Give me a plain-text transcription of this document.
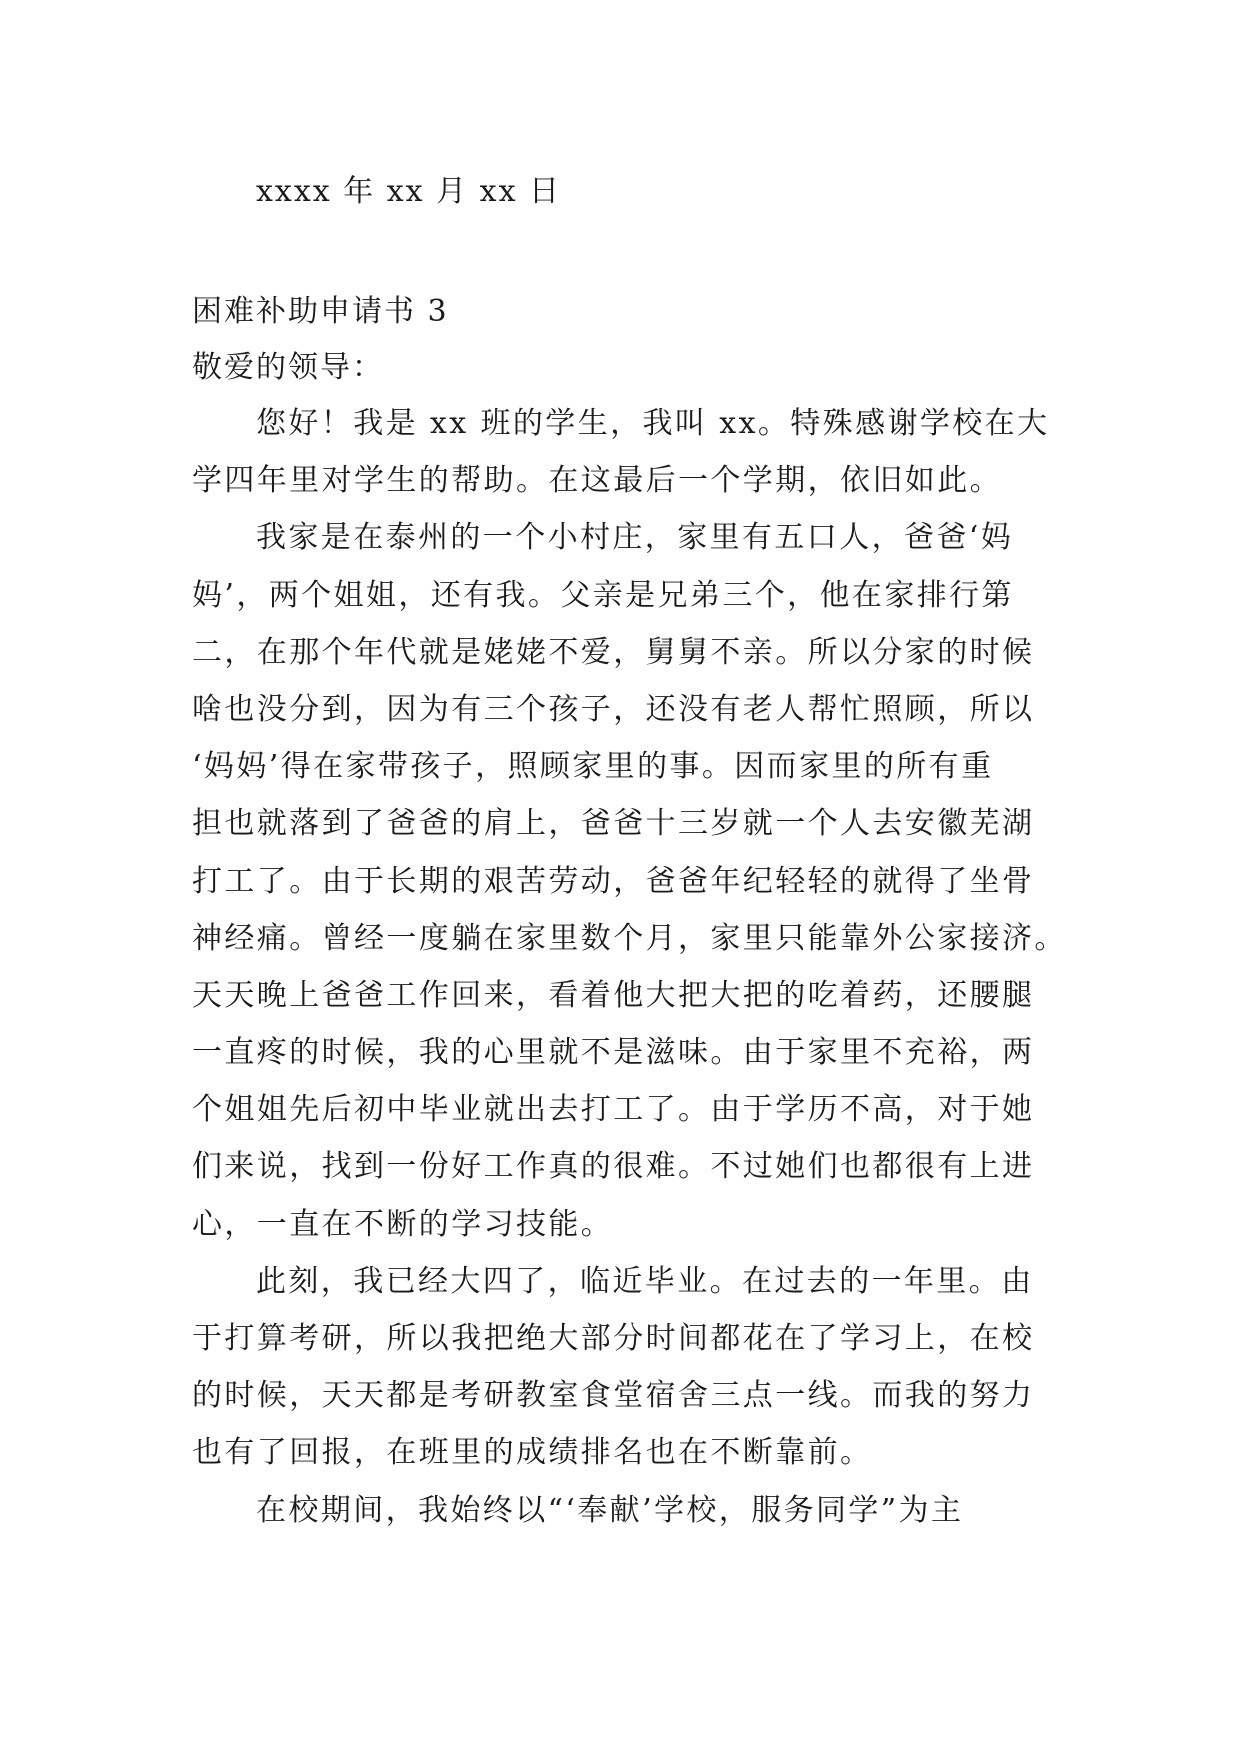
xxxx 年 xx 月 xx 日
困难补助申请书 3
敬爱的领导：
您好！我是 xx 班的学生，我叫 xx。特殊感谢学校在大
学四年里对学生的帮助。在这最后一个学期，依旧如此。
我家是在泰州的一个小村庄，家里有五口人，爸爸‘妈
妈’，两个姐姐，还有我。父亲是兄弟三个，他在家排行第
二，在那个年代就是姥姥不爱，舅舅不亲。所以分家的时候
啥也没分到，因为有三个孩子，还没有老人帮忙照顾，所以
‘妈妈’得在家带孩子，照顾家里的事。因而家里的所有重
担也就落到了爸爸的肩上，爸爸十三岁就一个人去安徽芜湖
打工了。由于长期的艰苦劳动，爸爸年纪轻轻的就得了坐骨
神经痛。曾经一度躺在家里数个月，家里只能靠外公家接济。
天天晚上爸爸工作回来，看着他大把大把的吃着药，还腰腿
一直疼的时候，我的心里就不是滋味。由于家里不充裕，两
个姐姐先后初中毕业就出去打工了。由于学历不高，对于她
们来说，找到一份好工作真的很难。不过她们也都很有上进
心，一直在不断的学习技能。
此刻，我已经大四了，临近毕业。在过去的一年里。由
于打算考研，所以我把绝大部分时间都花在了学习上，在校
的时候，天天都是考研教室食堂宿舍三点一线。而我的努力
也有了回报，在班里的成绩排名也在不断靠前。
在校期间，我始终以“‘奉献’学校，服务同学”为主
